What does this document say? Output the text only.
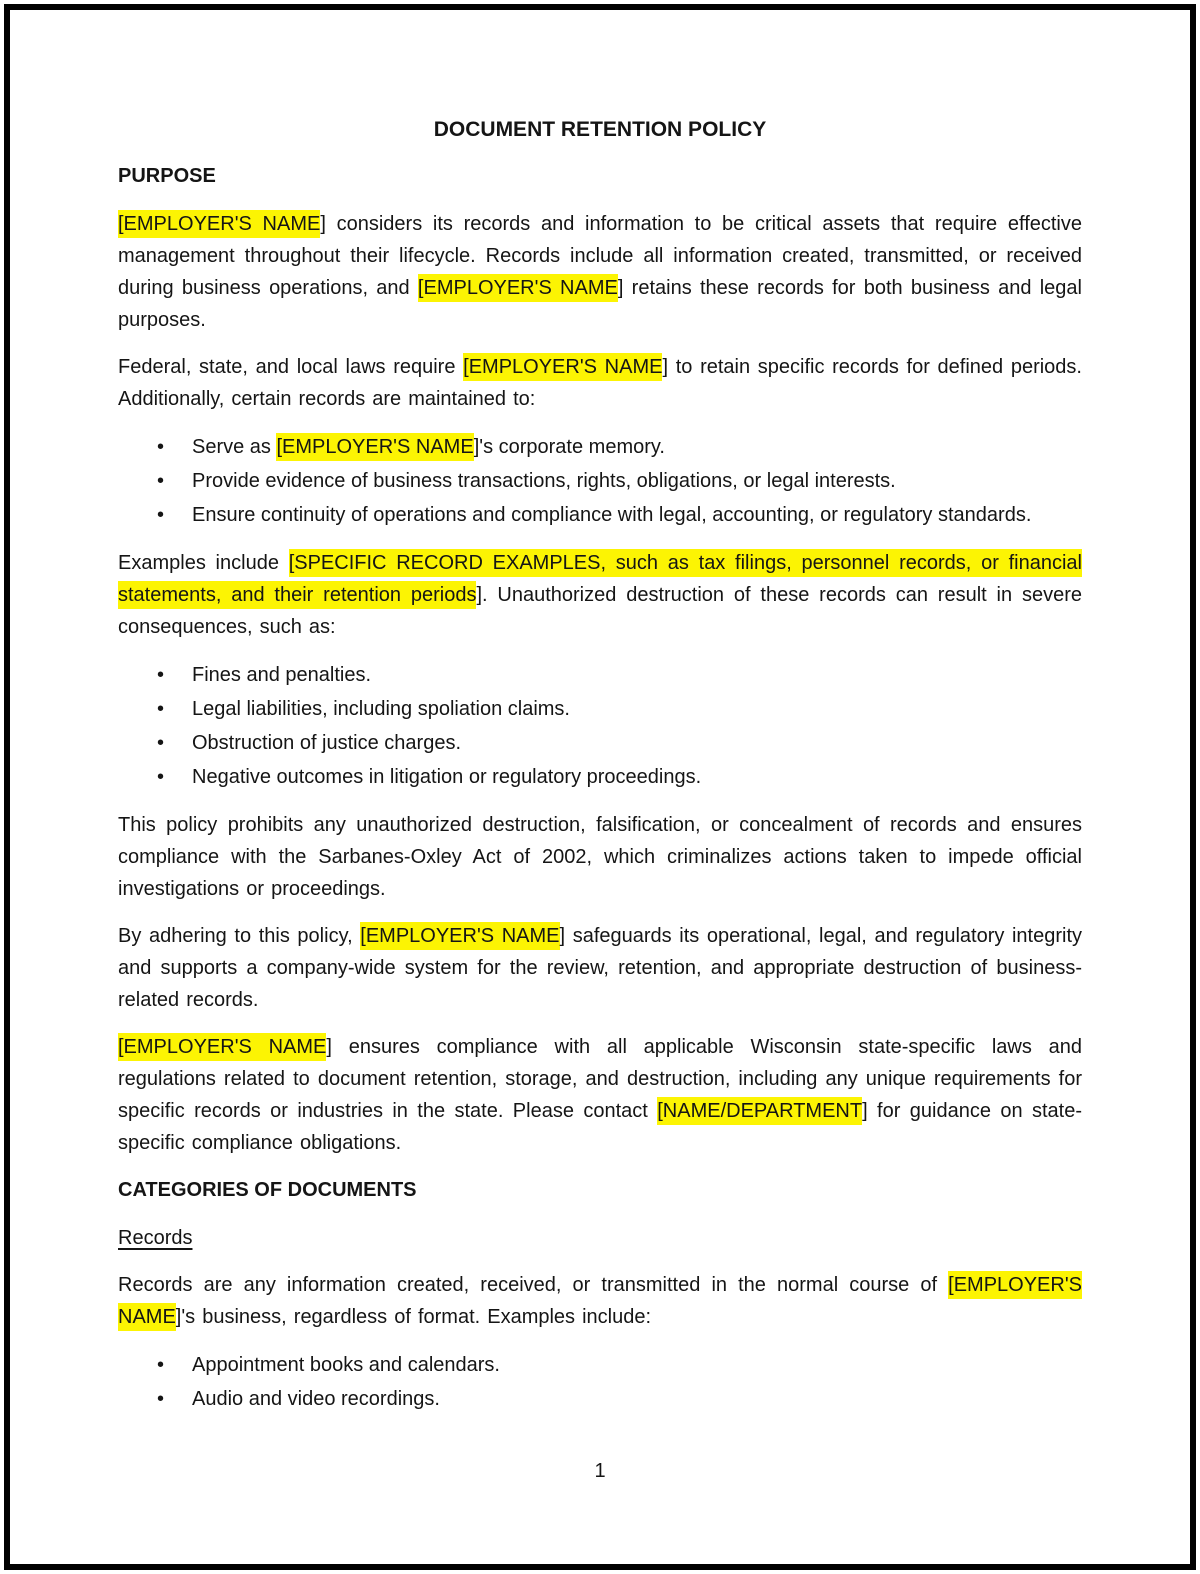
DOCUMENT RETENTION POLICY
PURPOSE

[EMPLOYER'S NAME] considers its records and information to be critical assets that require effective management throughout their lifecycle. Records include all information created, transmitted, or received during business operations, and [EMPLOYER'S NAME] retains these records for both business and legal purposes.

Federal, state, and local laws require [EMPLOYER'S NAME] to retain specific records for defined periods. Additionally, certain records are maintained to:

• Serve as [EMPLOYER'S NAME]'s corporate memory.
• Provide evidence of business transactions, rights, obligations, or legal interests.
• Ensure continuity of operations and compliance with legal, accounting, or regulatory standards.

Examples include [SPECIFIC RECORD EXAMPLES, such as tax filings, personnel records, or financial statements, and their retention periods]. Unauthorized destruction of these records can result in severe consequences, such as:

• Fines and penalties.
• Legal liabilities, including spoliation claims.
• Obstruction of justice charges.
• Negative outcomes in litigation or regulatory proceedings.

This policy prohibits any unauthorized destruction, falsification, or concealment of records and ensures compliance with the Sarbanes-Oxley Act of 2002, which criminalizes actions taken to impede official investigations or proceedings.

By adhering to this policy, [EMPLOYER'S NAME] safeguards its operational, legal, and regulatory integrity and supports a company-wide system for the review, retention, and appropriate destruction of business-related records.

[EMPLOYER'S NAME] ensures compliance with all applicable Wisconsin state-specific laws and regulations related to document retention, storage, and destruction, including any unique requirements for specific records or industries in the state. Please contact [NAME/DEPARTMENT] for guidance on state-specific compliance obligations.

CATEGORIES OF DOCUMENTS
Records

Records are any information created, received, or transmitted in the normal course of [EMPLOYER'S NAME]'s business, regardless of format. Examples include:

• Appointment books and calendars.
• Audio and video recordings.
1
